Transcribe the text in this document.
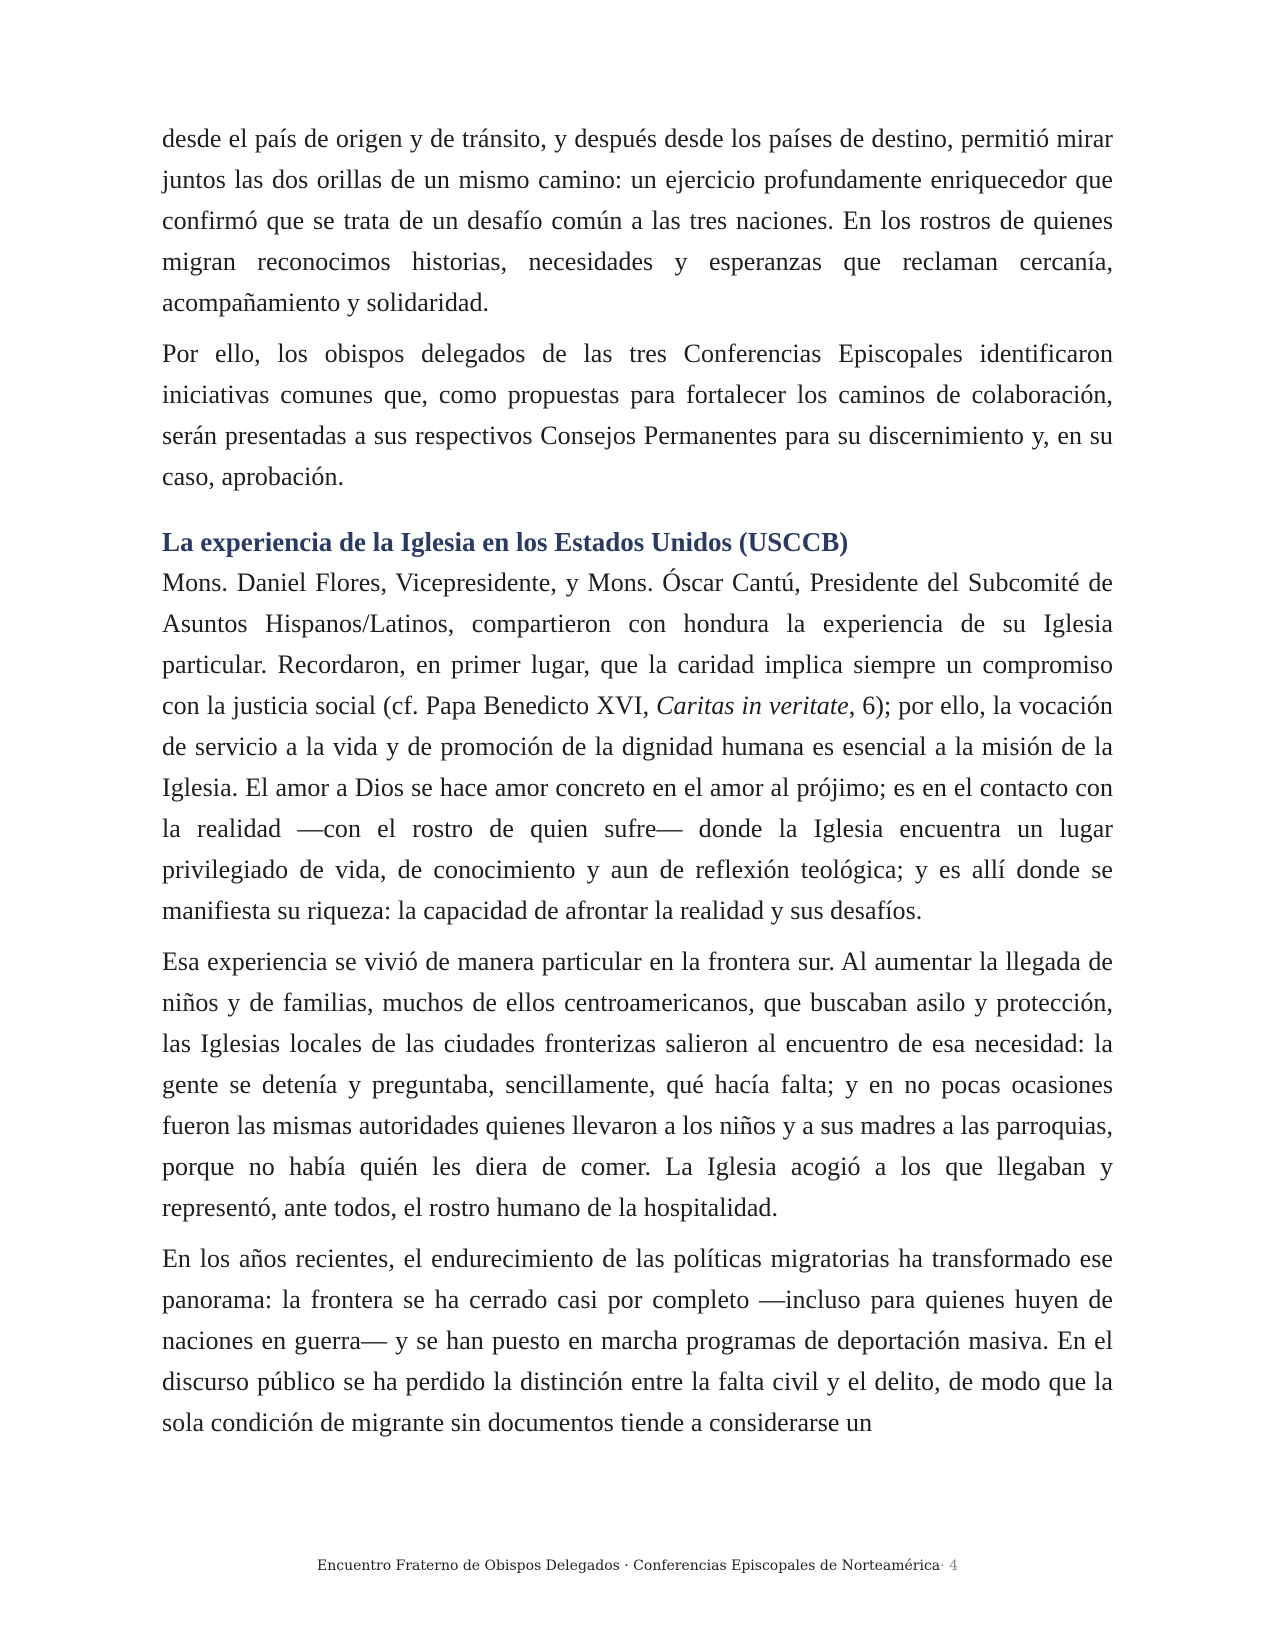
desde el país de origen y de tránsito, y después desde los países de destino, permitió mirar juntos las dos orillas de un mismo camino: un ejercicio profundamente enriquecedor que confirmó que se trata de un desafío común a las tres naciones. En los rostros de quienes migran reconocimos historias, necesidades y esperanzas que reclaman cercanía, acompañamiento y solidaridad.

Por ello, los obispos delegados de las tres Conferencias Episcopales identificaron iniciativas comunes que, como propuestas para fortalecer los caminos de colaboración, serán presentadas a sus respectivos Consejos Permanentes para su discernimiento y, en su caso, aprobación.

La experiencia de la Iglesia en los Estados Unidos (USCCB)

Mons. Daniel Flores, Vicepresidente, y Mons. Óscar Cantú, Presidente del Subcomité de Asuntos Hispanos/Latinos, compartieron con hondura la experiencia de su Iglesia particular. Recordaron, en primer lugar, que la caridad implica siempre un compromiso con la justicia social (cf. Papa Benedicto XVI, Caritas in veritate, 6); por ello, la vocación de servicio a la vida y de promoción de la dignidad humana es esencial a la misión de la Iglesia. El amor a Dios se hace amor concreto en el amor al prójimo; es en el contacto con la realidad —con el rostro de quien sufre— donde la Iglesia encuentra un lugar privilegiado de vida, de conocimiento y aun de reflexión teológica; y es allí donde se manifiesta su riqueza: la capacidad de afrontar la realidad y sus desafíos.

Esa experiencia se vivió de manera particular en la frontera sur. Al aumentar la llegada de niños y de familias, muchos de ellos centroamericanos, que buscaban asilo y protección, las Iglesias locales de las ciudades fronterizas salieron al encuentro de esa necesidad: la gente se detenía y preguntaba, sencillamente, qué hacía falta; y en no pocas ocasiones fueron las mismas autoridades quienes llevaron a los niños y a sus madres a las parroquias, porque no había quién les diera de comer. La Iglesia acogió a los que llegaban y representó, ante todos, el rostro humano de la hospitalidad.

En los años recientes, el endurecimiento de las políticas migratorias ha transformado ese panorama: la frontera se ha cerrado casi por completo —incluso para quienes huyen de naciones en guerra— y se han puesto en marcha programas de deportación masiva. En el discurso público se ha perdido la distinción entre la falta civil y el delito, de modo que la sola condición de migrante sin documentos tiende a considerarse un

Encuentro Fraterno de Obispos Delegados · Conferencias Episcopales de Norteamérica· 4
